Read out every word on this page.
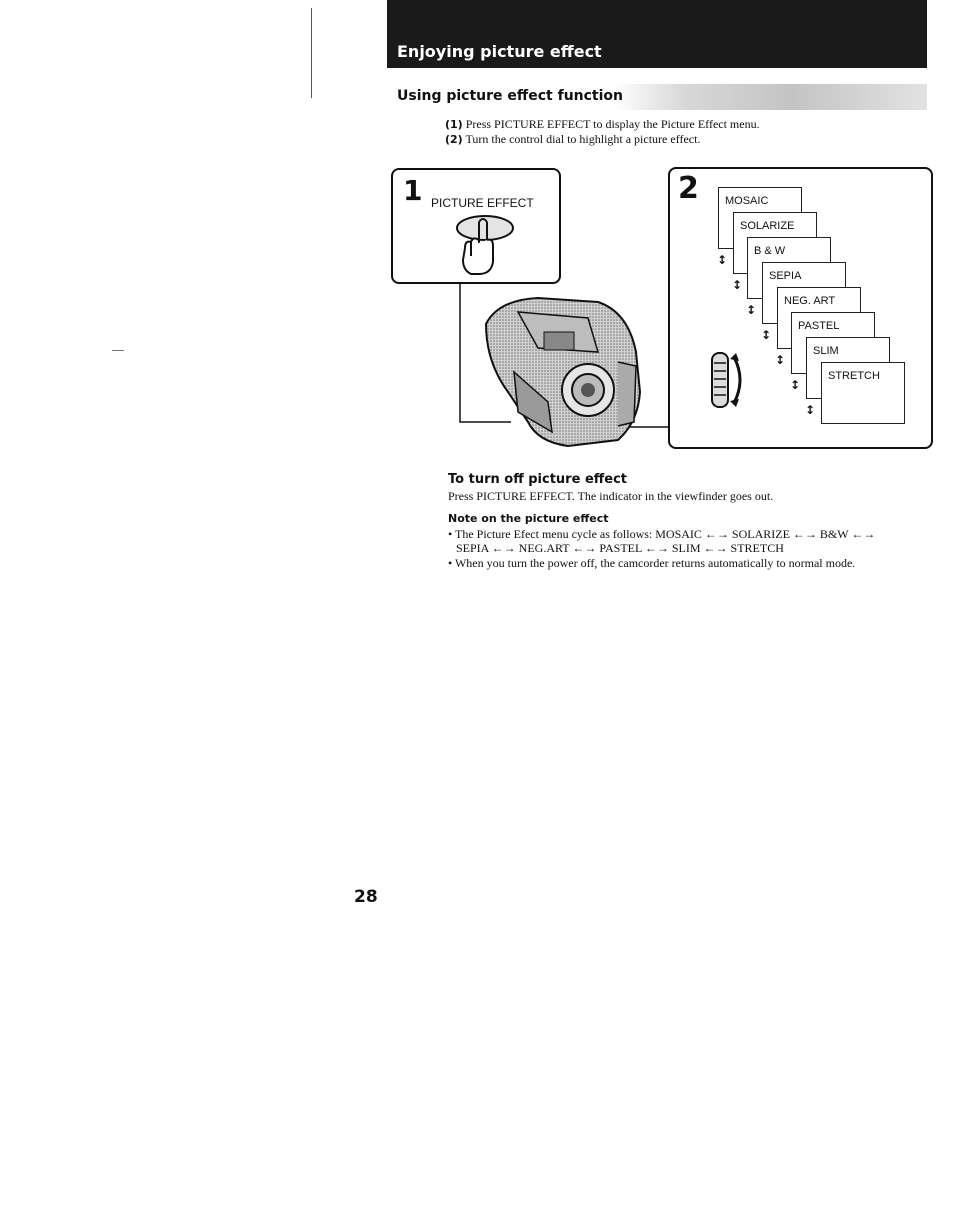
Enjoying picture effect
Using picture effect function
(1) Press PICTURE EFFECT to display the Picture Effect menu.
(2) Turn the control dial to highlight a picture effect.
1 PICTURE EFFECT	2 MOSAIC
SOLARIZE
B & W
SEPIA
NEG. ART
PASTEL
SLIM
STRETCH
↕
↕
↕
↕
↕
↕
↕
To turn off picture effect
Press PICTURE EFFECT. The indicator in the viewfinder goes out.
Note on the picture effect
• The Picture Efect menu cycle as follows: MOSAIC ←→ SOLARIZE ←→ B&W ←→
SEPIA ←→ NEG.ART ←→ PASTEL ←→ SLIM ←→ STRETCH
• When you turn the power off, the camcorder returns automatically to normal mode.
28
